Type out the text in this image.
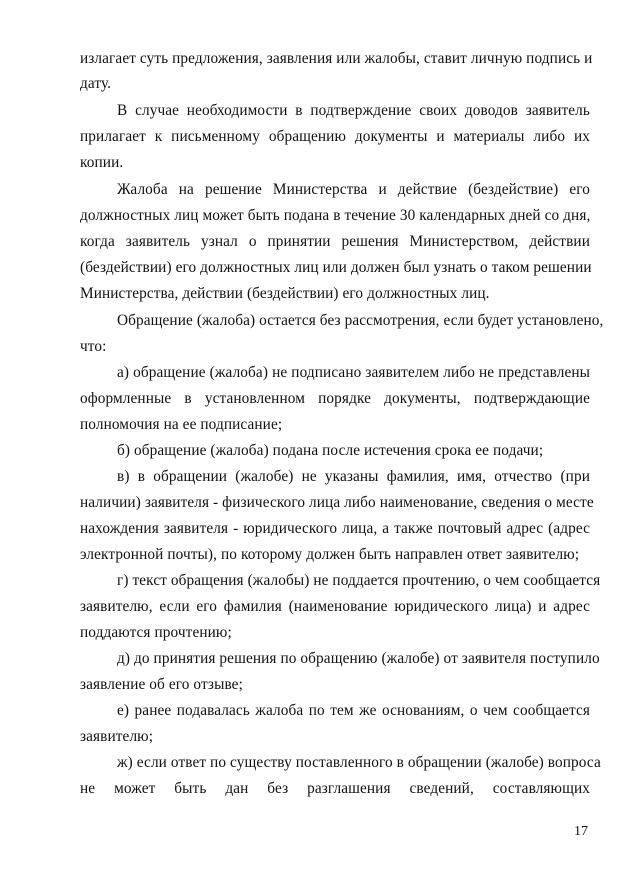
излагает суть предложения, заявления или жалобы, ставит личную подпись и
дату.
В случае необходимости в подтверждение своих доводов заявитель
прилагает к письменному обращению документы и материалы либо их
копии.
Жалоба на решение Министерства и действие (бездействие) его
должностных лиц может быть подана в течение 30 календарных дней со дня,
когда заявитель узнал о принятии решения Министерством, действии
(бездействии) его должностных лиц или должен был узнать о таком решении
Министерства, действии (бездействии) его должностных лиц.
Обращение (жалоба) остается без рассмотрения, если будет установлено,
что:
а) обращение (жалоба) не подписано заявителем либо не представлены
оформленные в установленном порядке документы, подтверждающие
полномочия на ее подписание;
б) обращение (жалоба) подана после истечения срока ее подачи;
в) в обращении (жалобе) не указаны фамилия, имя, отчество (при
наличии) заявителя - физического лица либо наименование, сведения о месте
нахождения заявителя - юридического лица, а также почтовый адрес (адрес
электронной почты), по которому должен быть направлен ответ заявителю;
г) текст обращения (жалобы) не поддается прочтению, о чем сообщается
заявителю, если его фамилия (наименование юридического лица) и адрес
поддаются прочтению;
д) до принятия решения по обращению (жалобе) от заявителя поступило
заявление об его отзыве;
е) ранее подавалась жалоба по тем же основаниям, о чем сообщается
заявителю;
ж) если ответ по существу поставленного в обращении (жалобе) вопроса
не может быть дан без разглашения сведений, составляющих
17
